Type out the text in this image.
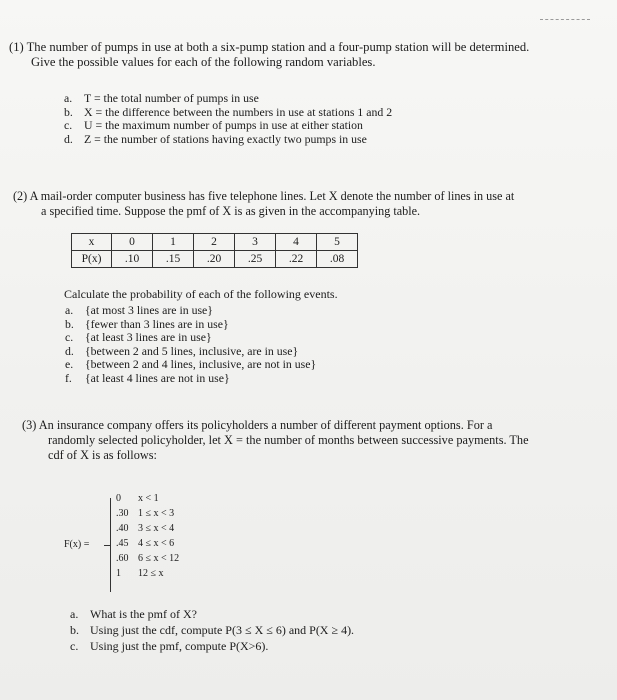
(1) The number of pumps in use at both a six-pump station and a four-pump station will be determined.
Give the possible values for each of the following random variables.
a. T = the total number of pumps in use
b. X = the difference between the numbers in use at stations 1 and 2
c. U = the maximum number of pumps in use at either station
d. Z = the number of stations having exactly two pumps in use
(2) A mail-order computer business has five telephone lines. Let X denote the number of lines in use at
a specified time. Suppose the pmf of X is as given in the accompanying table.
x	0	1	2	3	4	5
P(x)	.10	.15	.20	.25	.22	.08
Calculate the probability of each of the following events.
a. {at most 3 lines are in use}
b. {fewer than 3 lines are in use}
c. {at least 3 lines are in use}
d. {between 2 and 5 lines, inclusive, are in use}
e. {between 2 and 4 lines, inclusive, are not in use}
f. {at least 4 lines are not in use}
(3) An insurance company offers its policyholders a number of different payment options. For a
randomly selected policyholder, let X = the number of months between successive payments. The
cdf of X is as follows:
F(x) =
0 x < 1
.30 1 ≤ x < 3
.40 3 ≤ x < 4
.45 4 ≤ x < 6
.60 6 ≤ x < 12
1 12 ≤ x
a. What is the pmf of X?
b. Using just the cdf, compute P(3 ≤ X ≤ 6) and P(X ≥ 4).
c. Using just the pmf, compute P(X>6).
